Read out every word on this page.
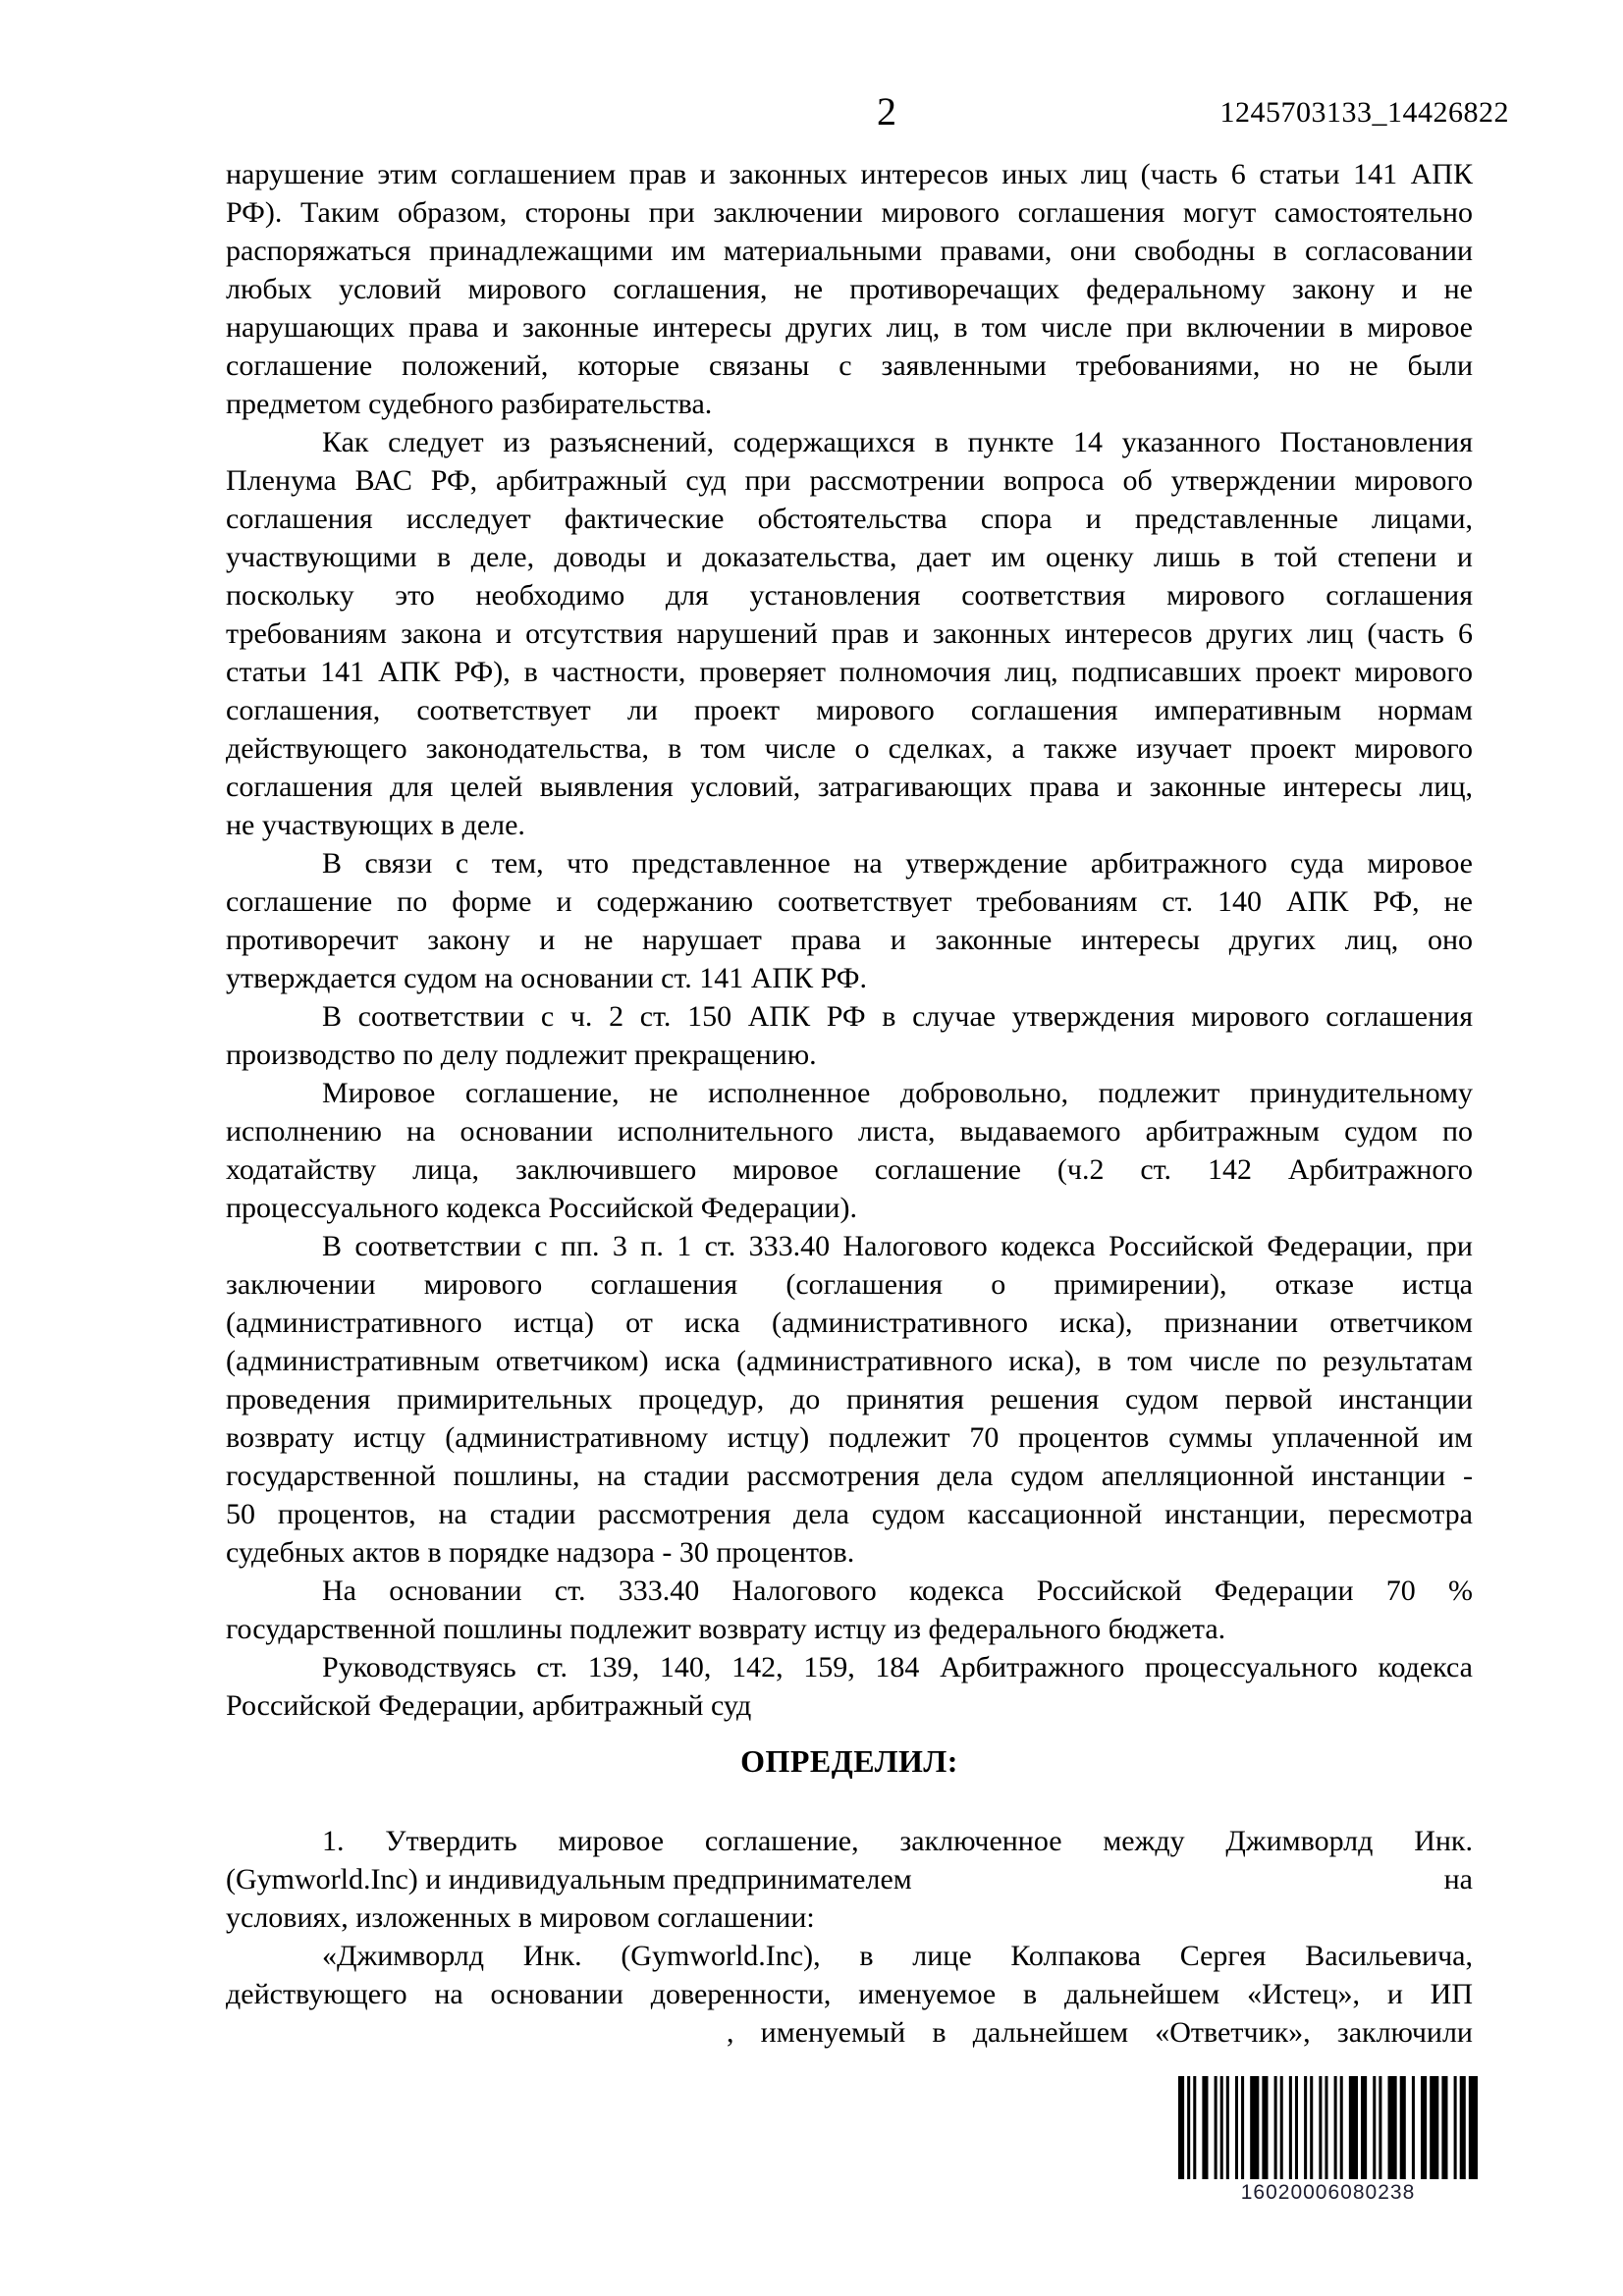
2	1245703133_14426822
нарушение этим соглашением прав и законных интересов иных лиц (часть 6 статьи 141 АПК
РФ). Таким образом, стороны при заключении мирового соглашения могут самостоятельно
распоряжаться принадлежащими им материальными правами, они свободны в согласовании
любых условий мирового соглашения, не противоречащих федеральному закону и не
нарушающих права и законные интересы других лиц, в том числе при включении в мировое
соглашение положений, которые связаны с заявленными требованиями, но не были
предметом судебного разбирательства.
Как следует из разъяснений, содержащихся в пункте 14 указанного Постановления
Пленума ВАС РФ, арбитражный суд при рассмотрении вопроса об утверждении мирового
соглашения исследует фактические обстоятельства спора и представленные лицами,
участвующими в деле, доводы и доказательства, дает им оценку лишь в той степени и
поскольку это необходимо для установления соответствия мирового соглашения
требованиям закона и отсутствия нарушений прав и законных интересов других лиц (часть 6
статьи 141 АПК РФ), в частности, проверяет полномочия лиц, подписавших проект мирового
соглашения, соответствует ли проект мирового соглашения императивным нормам
действующего законодательства, в том числе о сделках, а также изучает проект мирового
соглашения для целей выявления условий, затрагивающих права и законные интересы лиц,
не участвующих в деле.
В связи с тем, что представленное на утверждение арбитражного суда мировое
соглашение по форме и содержанию соответствует требованиям ст. 140 АПК РФ, не
противоречит закону и не нарушает права и законные интересы других лиц, оно
утверждается судом на основании ст. 141 АПК РФ.
В соответствии с ч. 2 ст. 150 АПК РФ в случае утверждения мирового соглашения
производство по делу подлежит прекращению.
Мировое соглашение, не исполненное добровольно, подлежит принудительному
исполнению на основании исполнительного листа, выдаваемого арбитражным судом по
ходатайству лица, заключившего мировое соглашение (ч.2 ст. 142 Арбитражного
процессуального кодекса Российской Федерации).
В соответствии с пп. 3 п. 1 ст. 333.40 Налогового кодекса Российской Федерации, при
заключении мирового соглашения (соглашения о примирении), отказе истца
(административного истца) от иска (административного иска), признании ответчиком
(административным ответчиком) иска (административного иска), в том числе по результатам
проведения примирительных процедур, до принятия решения судом первой инстанции
возврату истцу (административному истцу) подлежит 70 процентов суммы уплаченной им
государственной пошлины, на стадии рассмотрения дела судом апелляционной инстанции -
50 процентов, на стадии рассмотрения дела судом кассационной инстанции, пересмотра
судебных актов в порядке надзора - 30 процентов.
На основании ст. 333.40 Налогового кодекса Российской Федерации 70 %
государственной пошлины подлежит возврату истцу из федерального бюджета.
Руководствуясь ст. 139, 140, 142, 159, 184 Арбитражного процессуального кодекса
Российской Федерации, арбитражный суд
ОПРЕДЕЛИЛ:
1. Утвердить мировое соглашение, заключенное между Джимворлд Инк.
(Gymworld.Inc) и индивидуальным предпринимателем	на
условиях, изложенных в мировом соглашении:
«Джимворлд Инк. (Gymworld.Inc), в лице Колпакова Сергея Васильевича,
действующего на основании доверенности, именуемое в дальнейшем «Истец», и ИП
, именуемый в дальнейшем «Ответчик», заключили
16020006080238
